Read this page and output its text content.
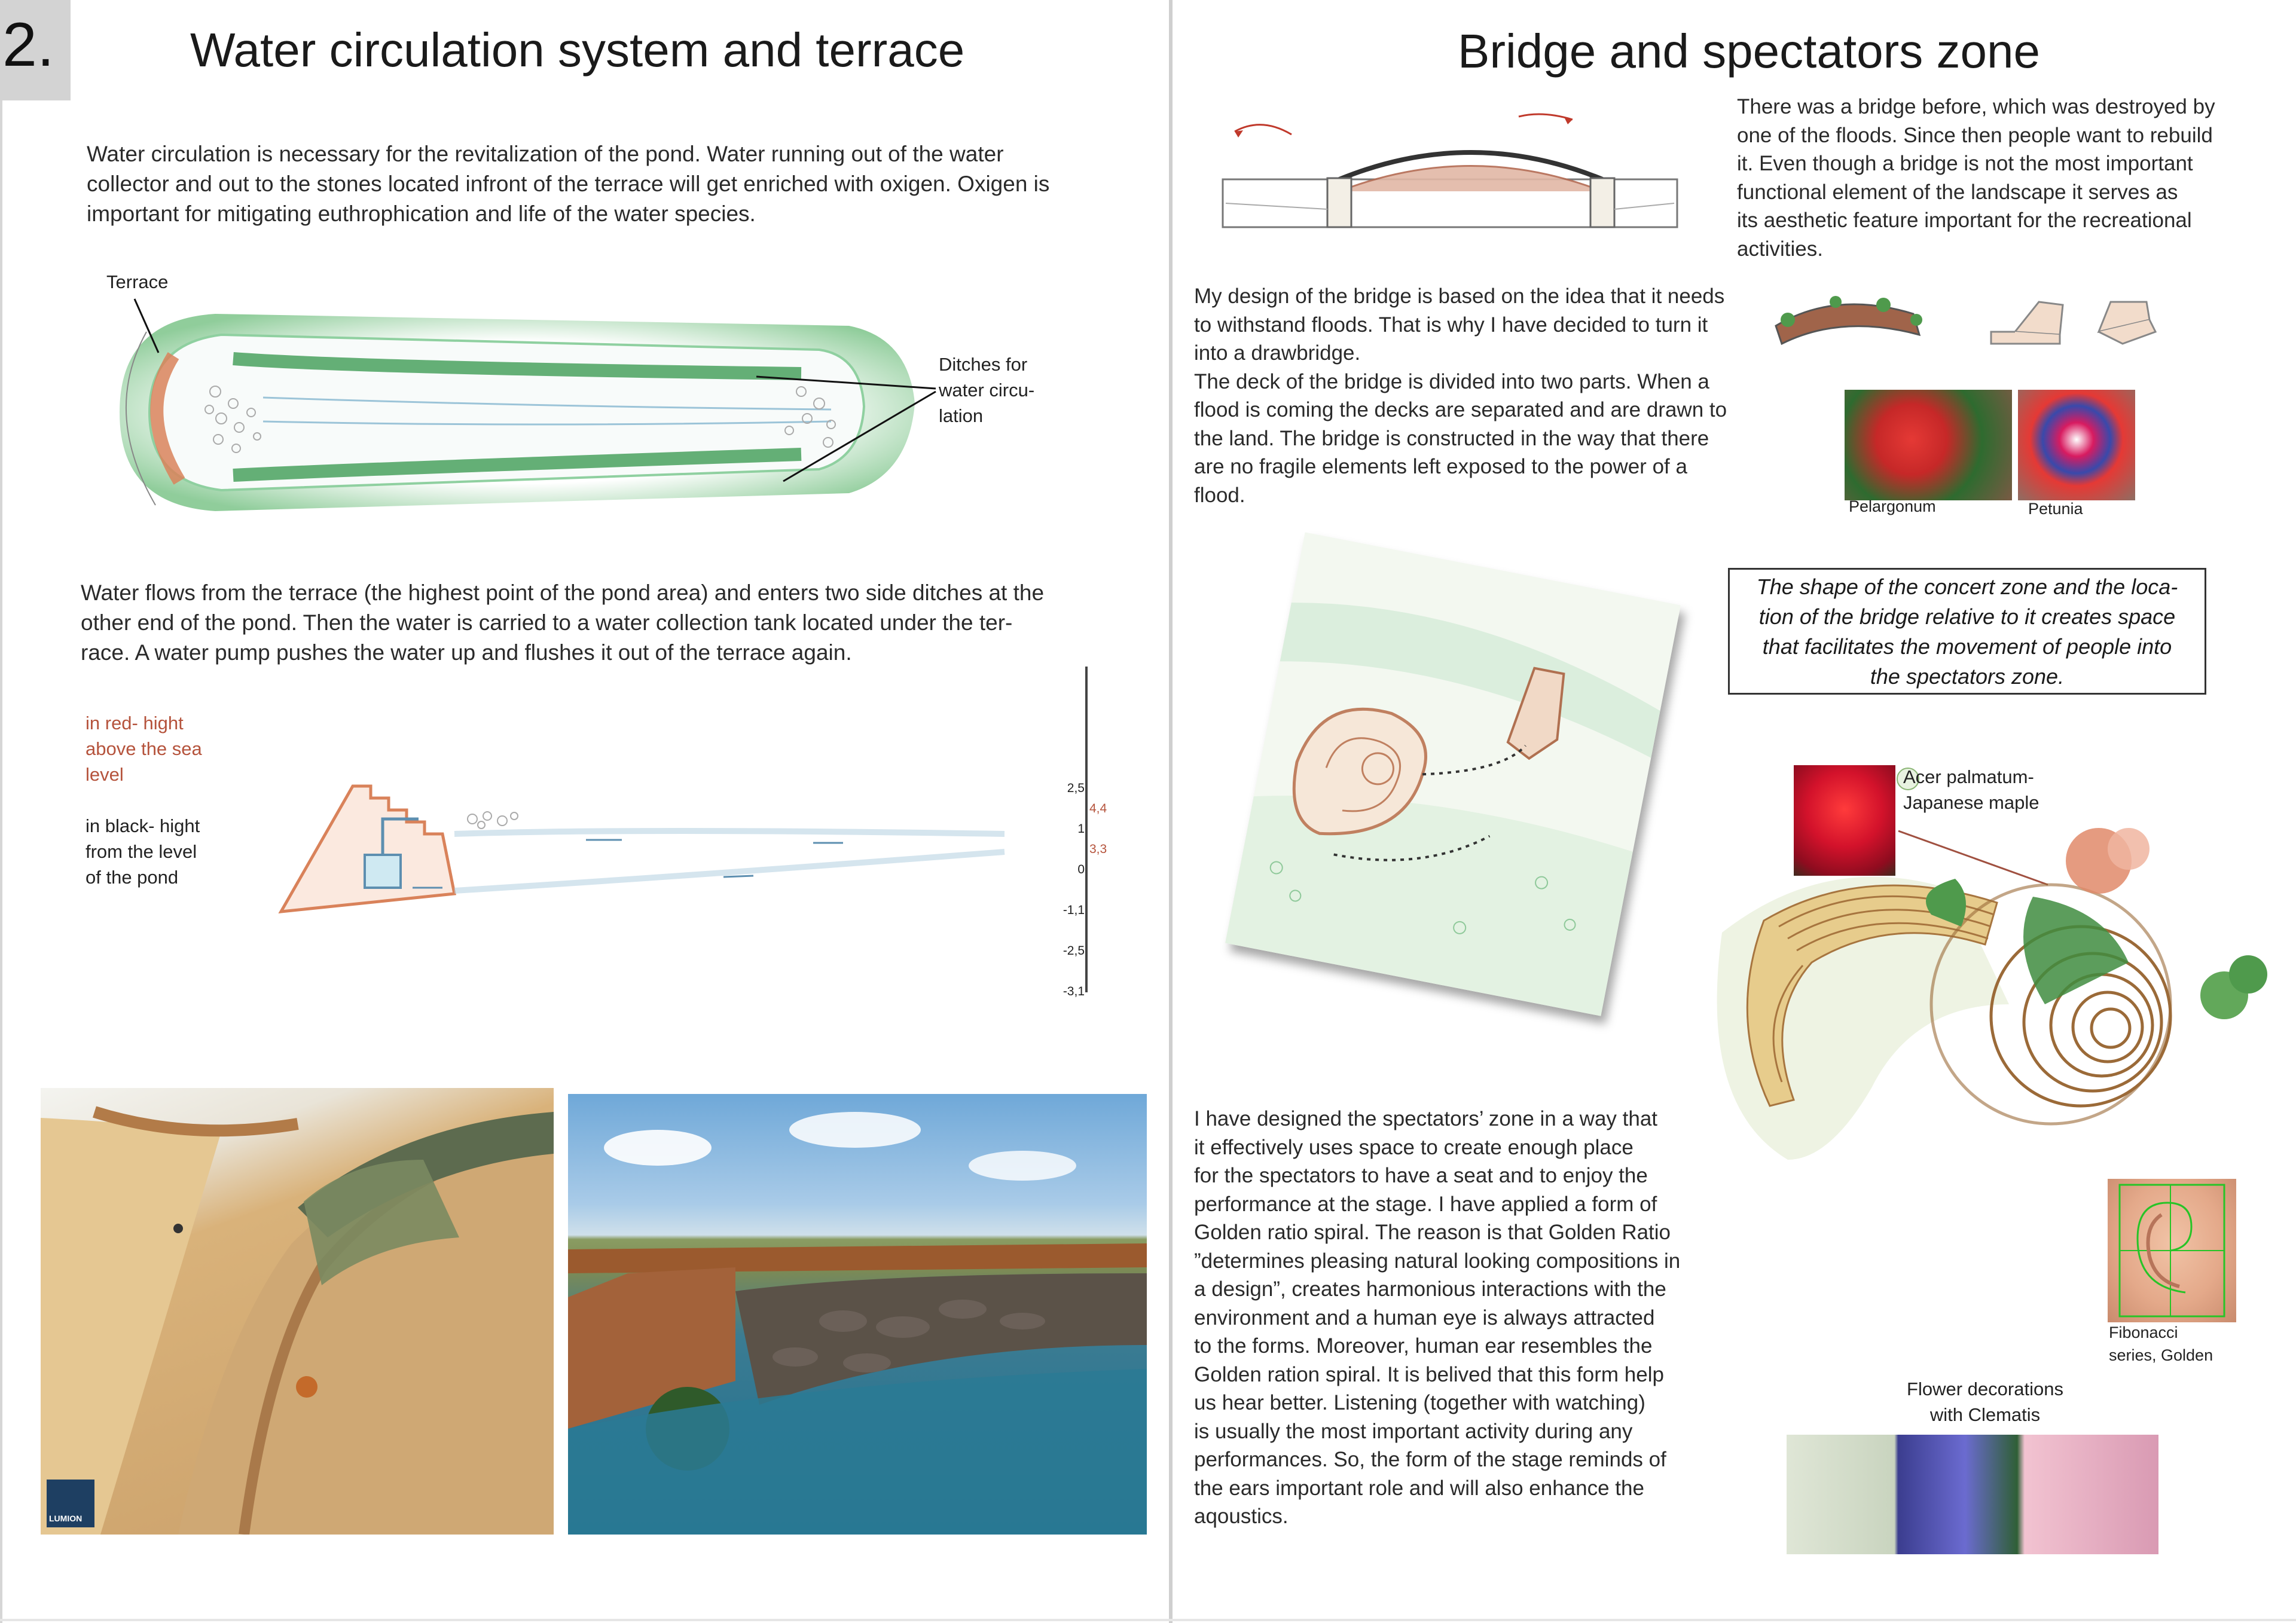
2.	Water circulation system and terrace
Water circulation is necessary for the revitalization of the pond. Water running out of the water
collector and out to the stones located infront of the terrace will get enriched with oxigen. Oxigen is
important for mitigating euthrophication and life of the water species.
Terrace
Ditches for
water circu-
lation
Water flows from the terrace (the highest point of the pond area) and enters two side ditches at the
other end of the pond. Then the water is carried to a water collection tank located under the ter-
race. A water pump pushes the water up and flushes it out of the terrace again.
in red- hight
above the sea
level
in black- hight
from the level
of the pond

2,5

1

0

-1,1

-2,5

-3,1

4,4

3,3

LUMION
Bridge and spectators zone
There was a bridge before, which was destroyed by
one of the floods. Since then people want to rebuild
it. Even though a bridge is not the most important
functional element of the landscape it serves as
its aesthetic feature important for the recreational
activities.
My design of the bridge is based on the idea that it needs
to withstand floods. That is why I have decided to turn it
into a drawbridge.
The deck of the bridge is divided into two parts. When a
flood is coming the decks are separated and are drawn to
the land. The bridge is constructed in the way that there
are no fragile elements left exposed to the power of a
flood.	Pelargonum	Petunia
The shape of the concert zone and the loca-
tion of the bridge relative to it creates space
that facilitates the movement of people into
the spectators zone.
Acer palmatum-
Japanese maple
Fibonacci
series, Golden
I have designed the spectators’ zone in a way that
it effectively uses space to create enough place
for the spectators to have a seat and to enjoy the
performance at the stage. I have applied a form of
Golden ratio spiral. The reason is that Golden Ratio
”determines pleasing natural looking compositions in
a design”, creates harmonious interactions with the
environment and a human eye is always attracted
to the forms. Moreover, human ear resembles the
Golden ration spiral. It is belived that this form help
us hear better. Listening (together with watching)
is usually the most important activity during any
performances. So, the form of the stage reminds of
the ears important role and will also enhance the
aqoustics.
Flower decorations
with Clematis
